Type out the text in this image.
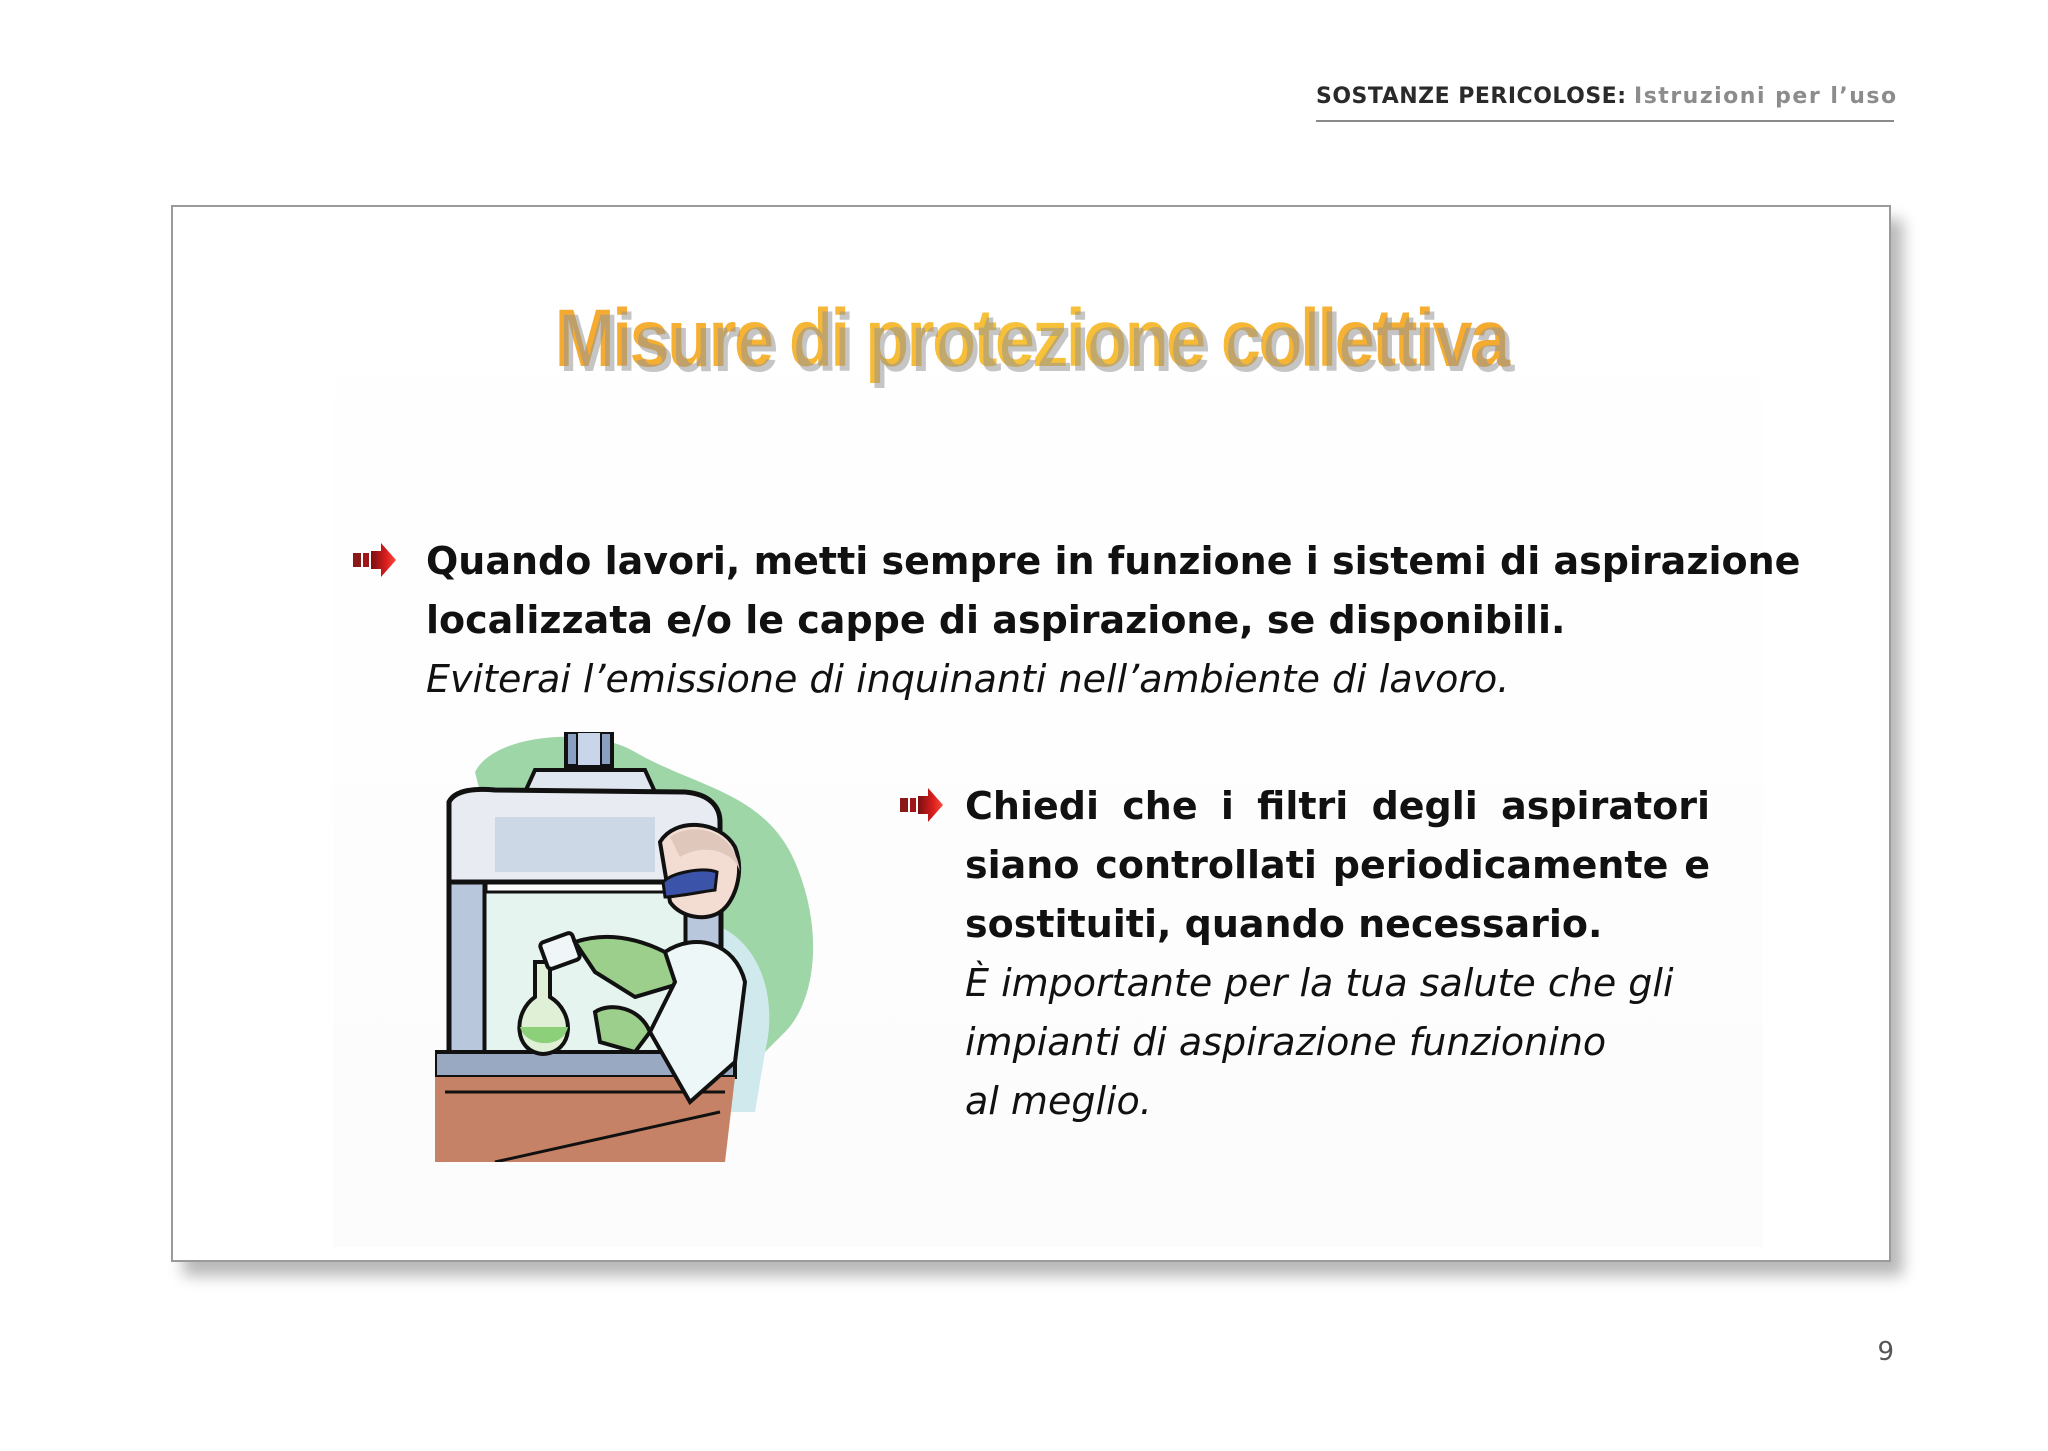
SOSTANZE PERICOLOSE: Istruzioni per l’uso
Misure di protezione collettiva
Quando lavori, metti sempre in funzione i sistemi di aspirazione
localizzata e/o le cappe di aspirazione, se disponibili.
Eviterai l’emissione di inquinanti nell’ambiente di lavoro.
Chiedi che i filtri degli aspiratori
siano controllati periodicamente e
sostituiti, quando necessario.
È importante per la tua salute che gli
impianti di aspirazione funzionino
al meglio.
9
